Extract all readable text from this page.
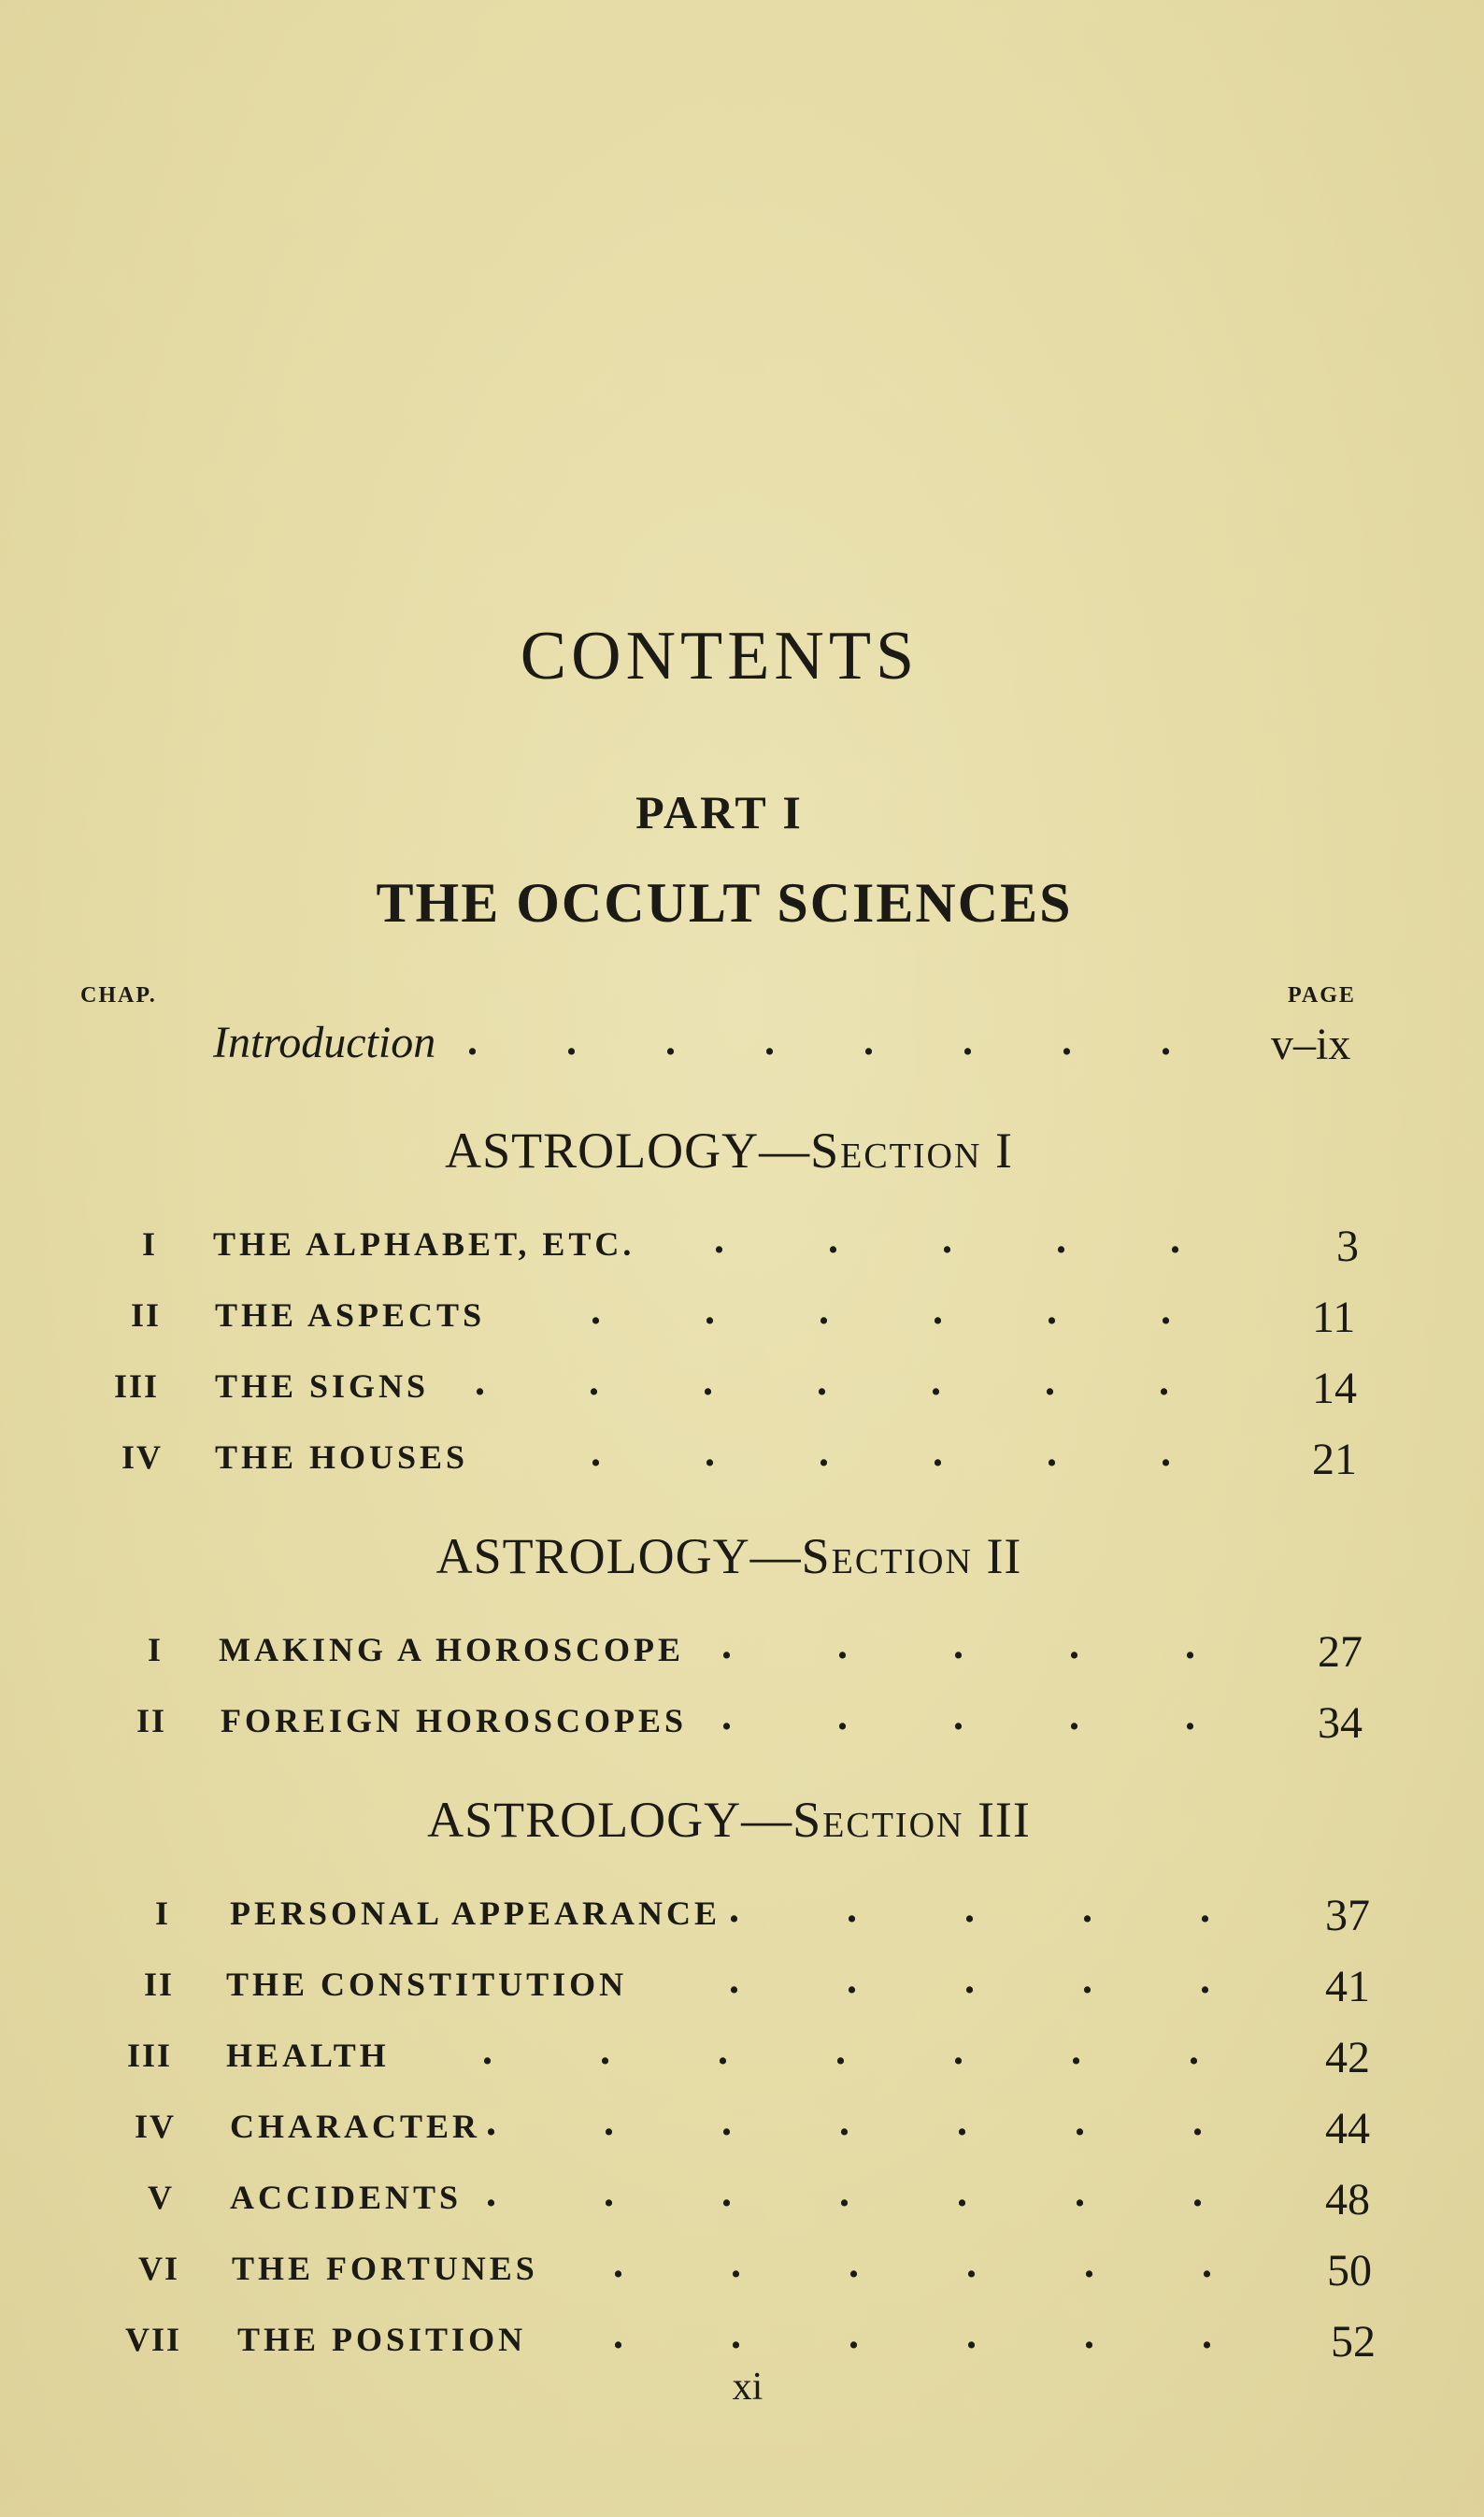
CONTENTS
PART I
THE OCCULT SCIENCES
CHAP.	PAGE
Introduction . . . . . . . . v–ix
ASTROLOGY—Section I
I	THE ALPHABET, ETC. . . . . .	3
II	THE ASPECTS	. . . . . .	11
III	THE SIGNS . . . . . . .	14
IV	THE HOUSES	. . . . . .	21
ASTROLOGY—Section II
I	MAKING A HOROSCOPE . . . . .	27
II	FOREIGN HOROSCOPES . . . . .	34
ASTROLOGY—Section III
I	PERSONAL APPEARANCE . . . . .	37
II	THE CONSTITUTION . . . . .	41
III	HEALTH . . . . . . .	42
IV	CHARACTER . . . . . . .	44
V	ACCIDENTS . . . . . . .	48
VI	THE FORTUNES . . . . . .	50
VII	THE POSITION . . . . . .	52
xi
